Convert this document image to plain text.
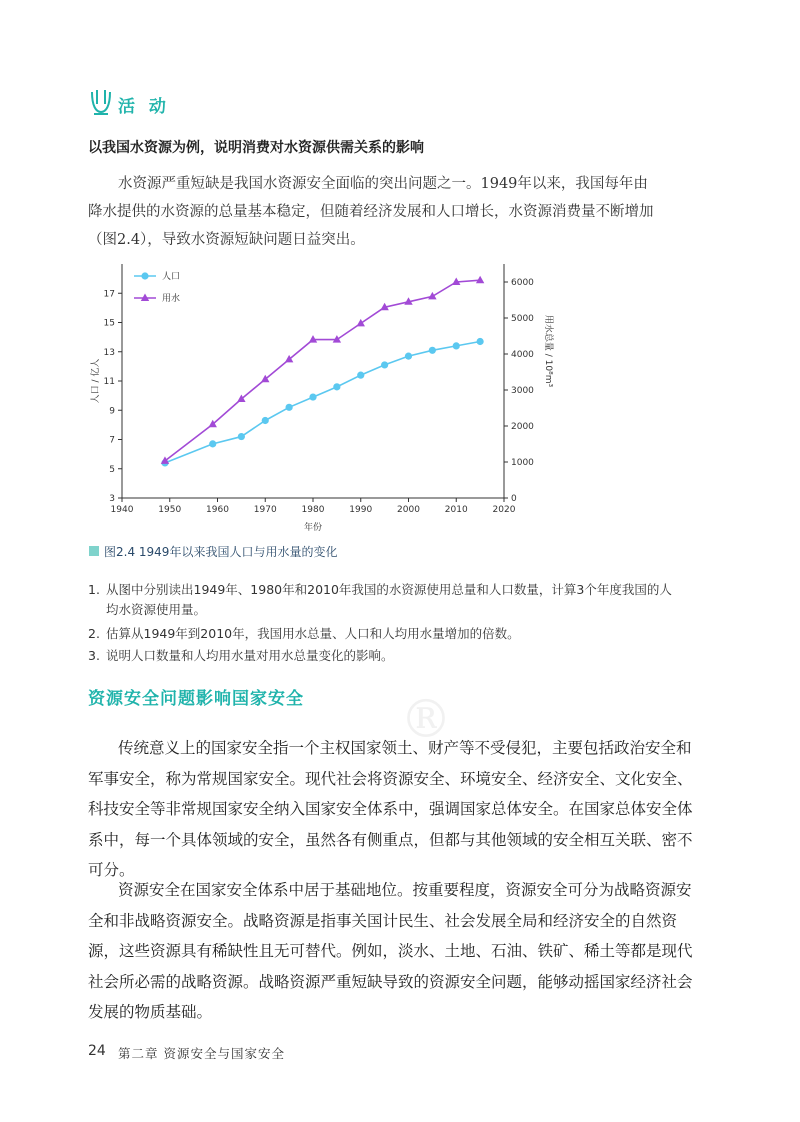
®
活 动
以我国水资源为例，说明消费对水资源供需关系的影响
水资源严重短缺是我国水资源安全面临的突出问题之一。1949年以来，我国每年由
降水提供的水资源的总量基本稳定，但随着经济发展和人口增长，水资源消费量不断增加
（图2.4），导致水资源短缺问题日益突出。
1940	1950	1960	1970	1980	1990	2000	2010	2020
3
5
7
9
11
13
15
17
0
1000
2000
3000
4000
5000
6000
年份
人口 / 亿人	用水总量 / 10⁸m³
人口
用水
图2.4 1949年以来我国人口与用水量的变化
1. 从图中分别读出1949年、1980年和2010年我国的水资源使用总量和人口数量，计算3个年度我国的人
均水资源使用量。
2. 估算从1949年到2010年，我国用水总量、人口和人均用水量增加的倍数。
3. 说明人口数量和人均用水量对用水总量变化的影响。
资源安全问题影响国家安全
传统意义上的国家安全指一个主权国家领土、财产等不受侵犯，主要包括政治安全和
军事安全，称为常规国家安全。现代社会将资源安全、环境安全、经济安全、文化安全、
科技安全等非常规国家安全纳入国家安全体系中，强调国家总体安全。在国家总体安全体
系中，每一个具体领域的安全，虽然各有侧重点，但都与其他领域的安全相互关联、密不
可分。
资源安全在国家安全体系中居于基础地位。按重要程度，资源安全可分为战略资源安
全和非战略资源安全。战略资源是指事关国计民生、社会发展全局和经济安全的自然资
源，这些资源具有稀缺性且无可替代。例如，淡水、土地、石油、铁矿、稀土等都是现代
社会所必需的战略资源。战略资源严重短缺导致的资源安全问题，能够动摇国家经济社会
发展的物质基础。
24 第二章 资源安全与国家安全
